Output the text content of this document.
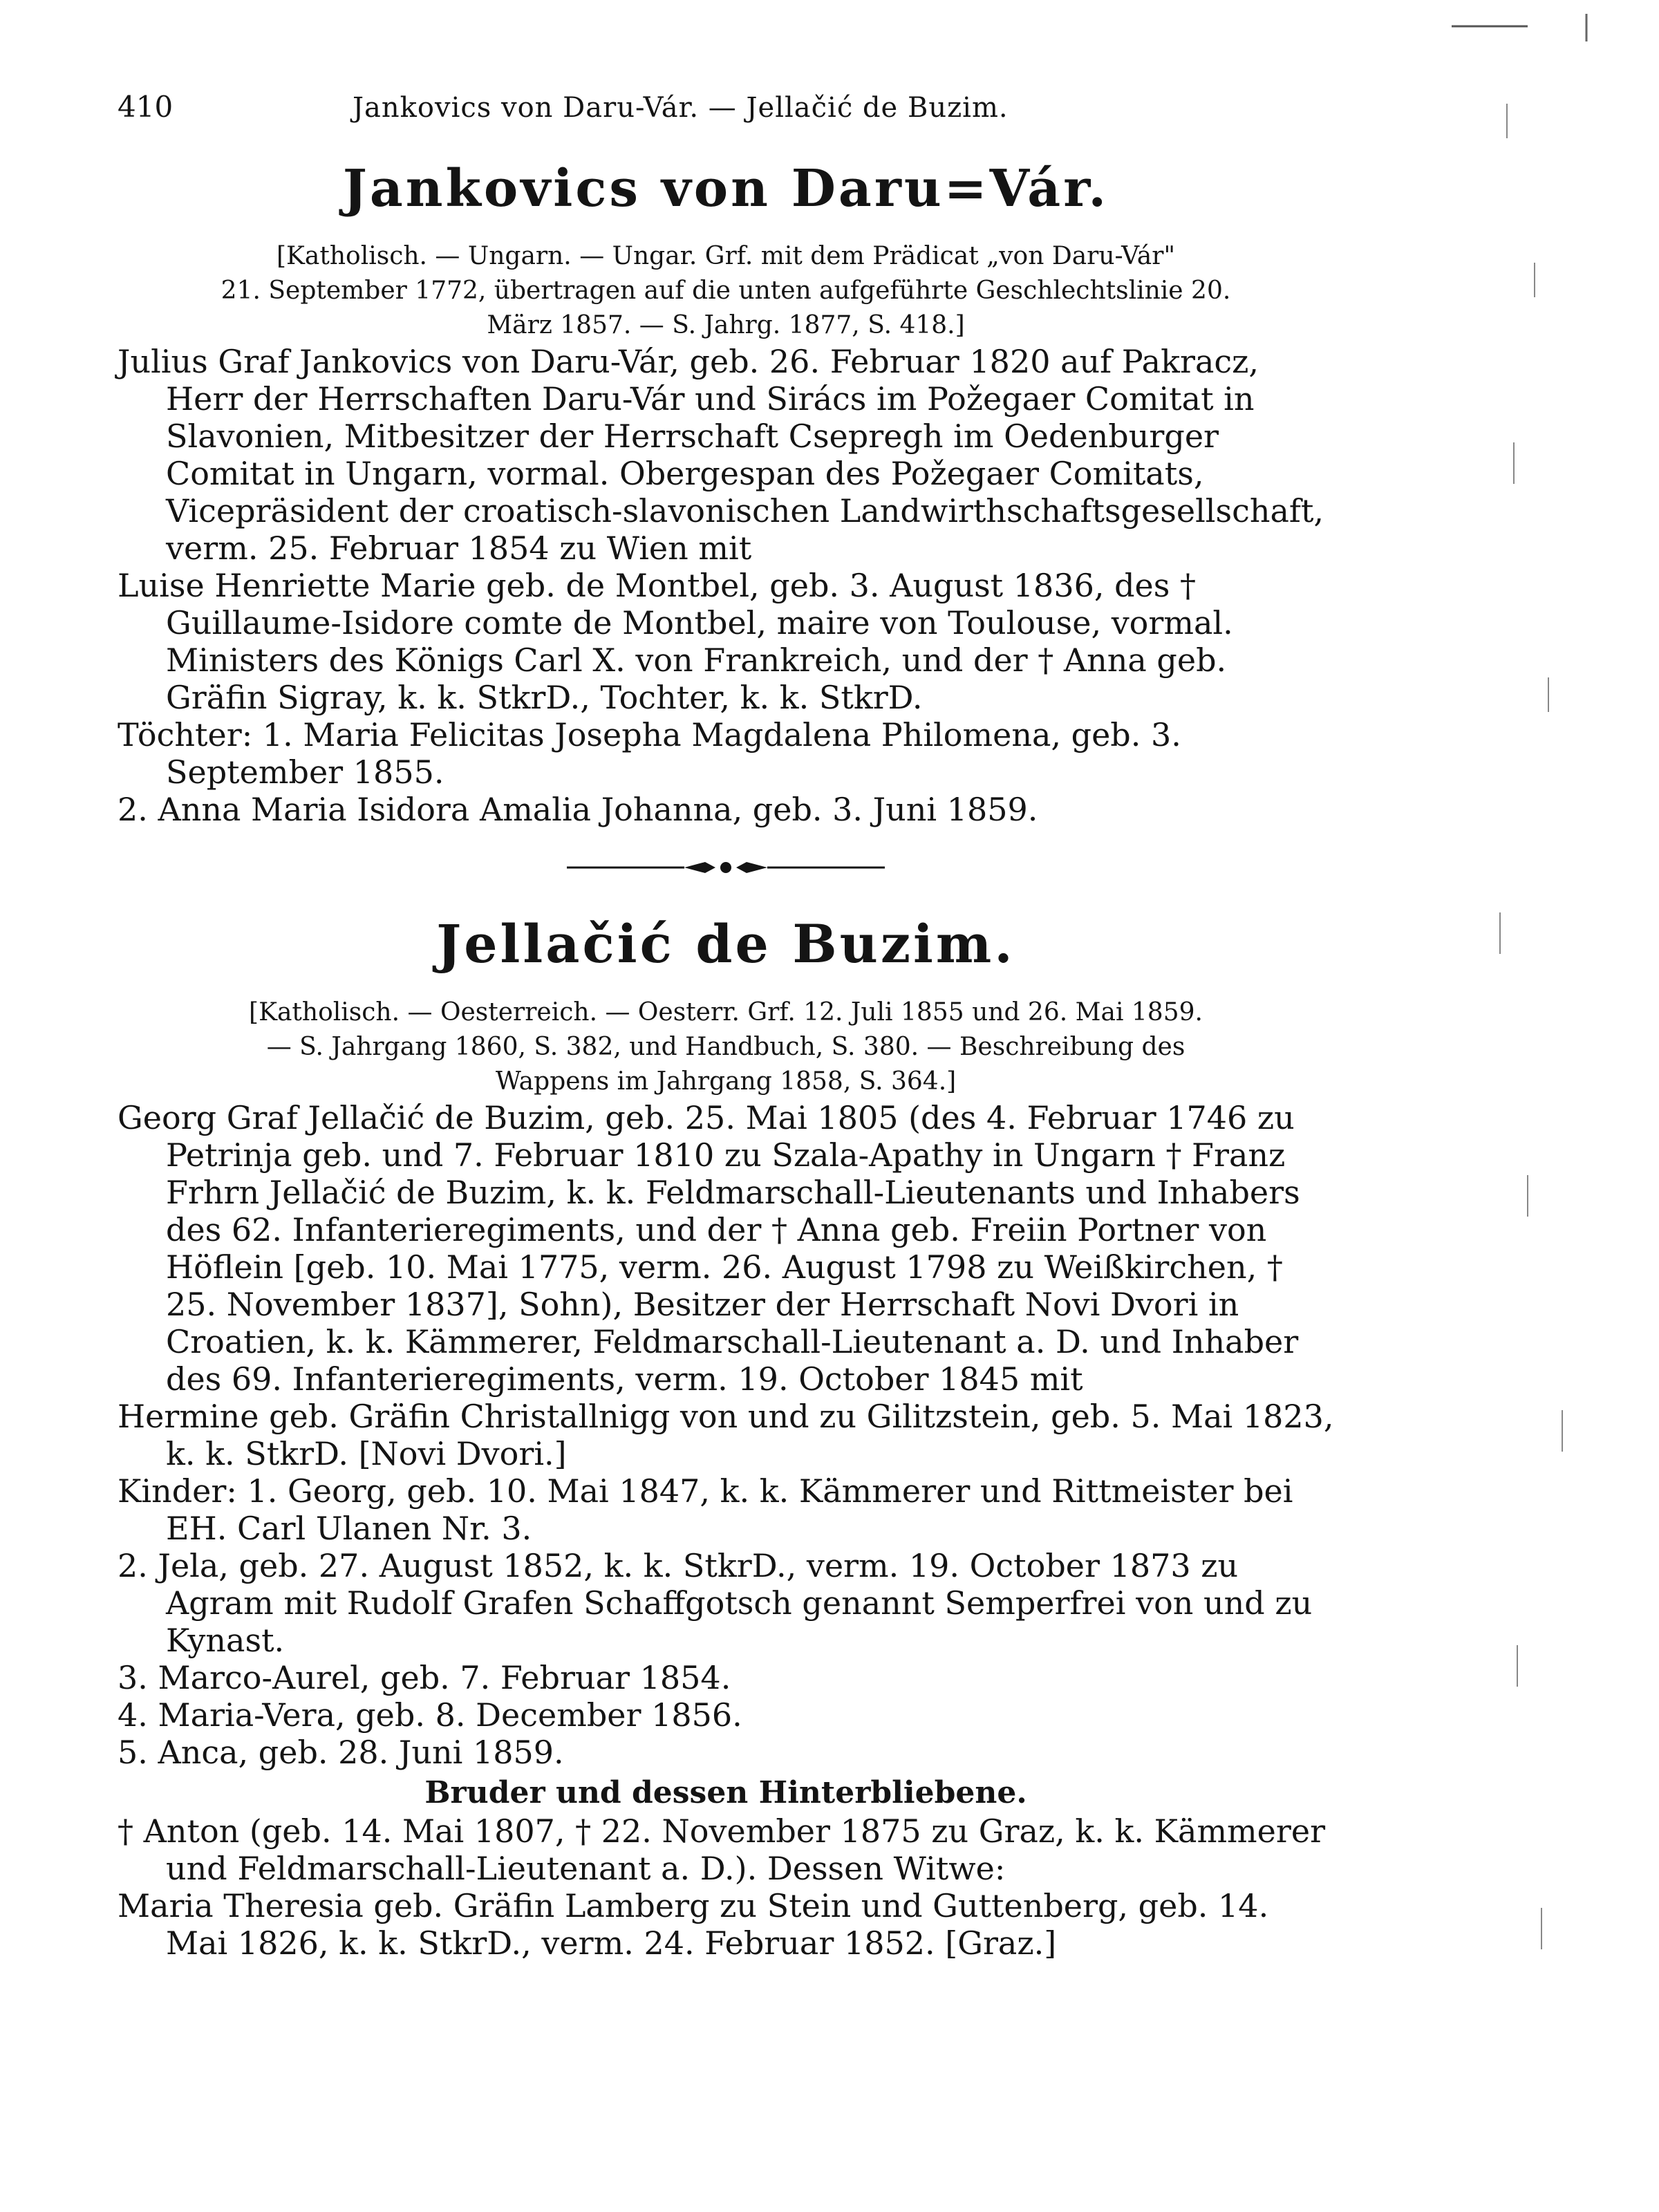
410	Jankovics von Daru-Vár. — Jellačić de Buzim.
Jankovics von Daru=Vár.
[Katholisch. — Ungarn. — Ungar. Grf. mit dem Prädicat „von Daru-Vár"
21. September 1772, übertragen auf die unten aufgeführte Geschlechtslinie 20.
März 1857. — S. Jahrg. 1877, S. 418.]

Julius Graf Jankovics von Daru-Vár, geb. 26. Februar 1820 auf Pakracz, Herr der Herrschaften Daru-Vár und Sirács im Požegaer Comitat in Slavonien, Mitbesitzer der Herrschaft Csepregh im Oedenburger Comitat in Ungarn, vormal. Obergespan des Požegaer Comitats, Vicepräsident der croatisch-slavonischen Landwirthschaftsgesellschaft, verm. 25. Februar 1854 zu Wien mit

Luise Henriette Marie geb. de Montbel, geb. 3. August 1836, des † Guillaume-Isidore comte de Montbel, maire von Toulouse, vormal. Ministers des Königs Carl X. von Frankreich, und der † Anna geb. Gräfin Sigray, k. k. StkrD., Tochter, k. k. StkrD.

Töchter: 1. Maria Felicitas Josepha Magdalena Philomena, geb. 3. September 1855.

2. Anna Maria Isidora Amalia Johanna, geb. 3. Juni 1859.

Jellačić de Buzim.
[Katholisch. — Oesterreich. — Oesterr. Grf. 12. Juli 1855 und 26. Mai 1859.
— S. Jahrgang 1860, S. 382, und Handbuch, S. 380. — Beschreibung des
Wappens im Jahrgang 1858, S. 364.]

Georg Graf Jellačić de Buzim, geb. 25. Mai 1805 (des 4. Februar 1746 zu Petrinja geb. und 7. Februar 1810 zu Szala-Apathy in Ungarn † Franz Frhrn Jellačić de Buzim, k. k. Feldmarschall-Lieutenants und Inhabers des 62. Infanterieregiments, und der † Anna geb. Freiin Portner von Höflein [geb. 10. Mai 1775, verm. 26. August 1798 zu Weißkirchen, † 25. November 1837], Sohn), Besitzer der Herrschaft Novi Dvori in Croatien, k. k. Kämmerer, Feldmarschall-Lieutenant a. D. und Inhaber des 69. Infanterieregiments, verm. 19. October 1845 mit

Hermine geb. Gräfin Christallnigg von und zu Gilitzstein, geb. 5. Mai 1823, k. k. StkrD. [Novi Dvori.]

Kinder: 1. Georg, geb. 10. Mai 1847, k. k. Kämmerer und Rittmeister bei EH. Carl Ulanen Nr. 3.

2. Jela, geb. 27. August 1852, k. k. StkrD., verm. 19. October 1873 zu Agram mit Rudolf Grafen Schaffgotsch genannt Semperfrei von und zu Kynast.

3. Marco-Aurel, geb. 7. Februar 1854.

4. Maria-Vera, geb. 8. December 1856.

5. Anca, geb. 28. Juni 1859.

Bruder und dessen Hinterbliebene.

† Anton (geb. 14. Mai 1807, † 22. November 1875 zu Graz, k. k. Kämmerer und Feldmarschall-Lieutenant a. D.). Dessen Witwe:

Maria Theresia geb. Gräfin Lamberg zu Stein und Guttenberg, geb. 14. Mai 1826, k. k. StkrD., verm. 24. Februar 1852. [Graz.]
